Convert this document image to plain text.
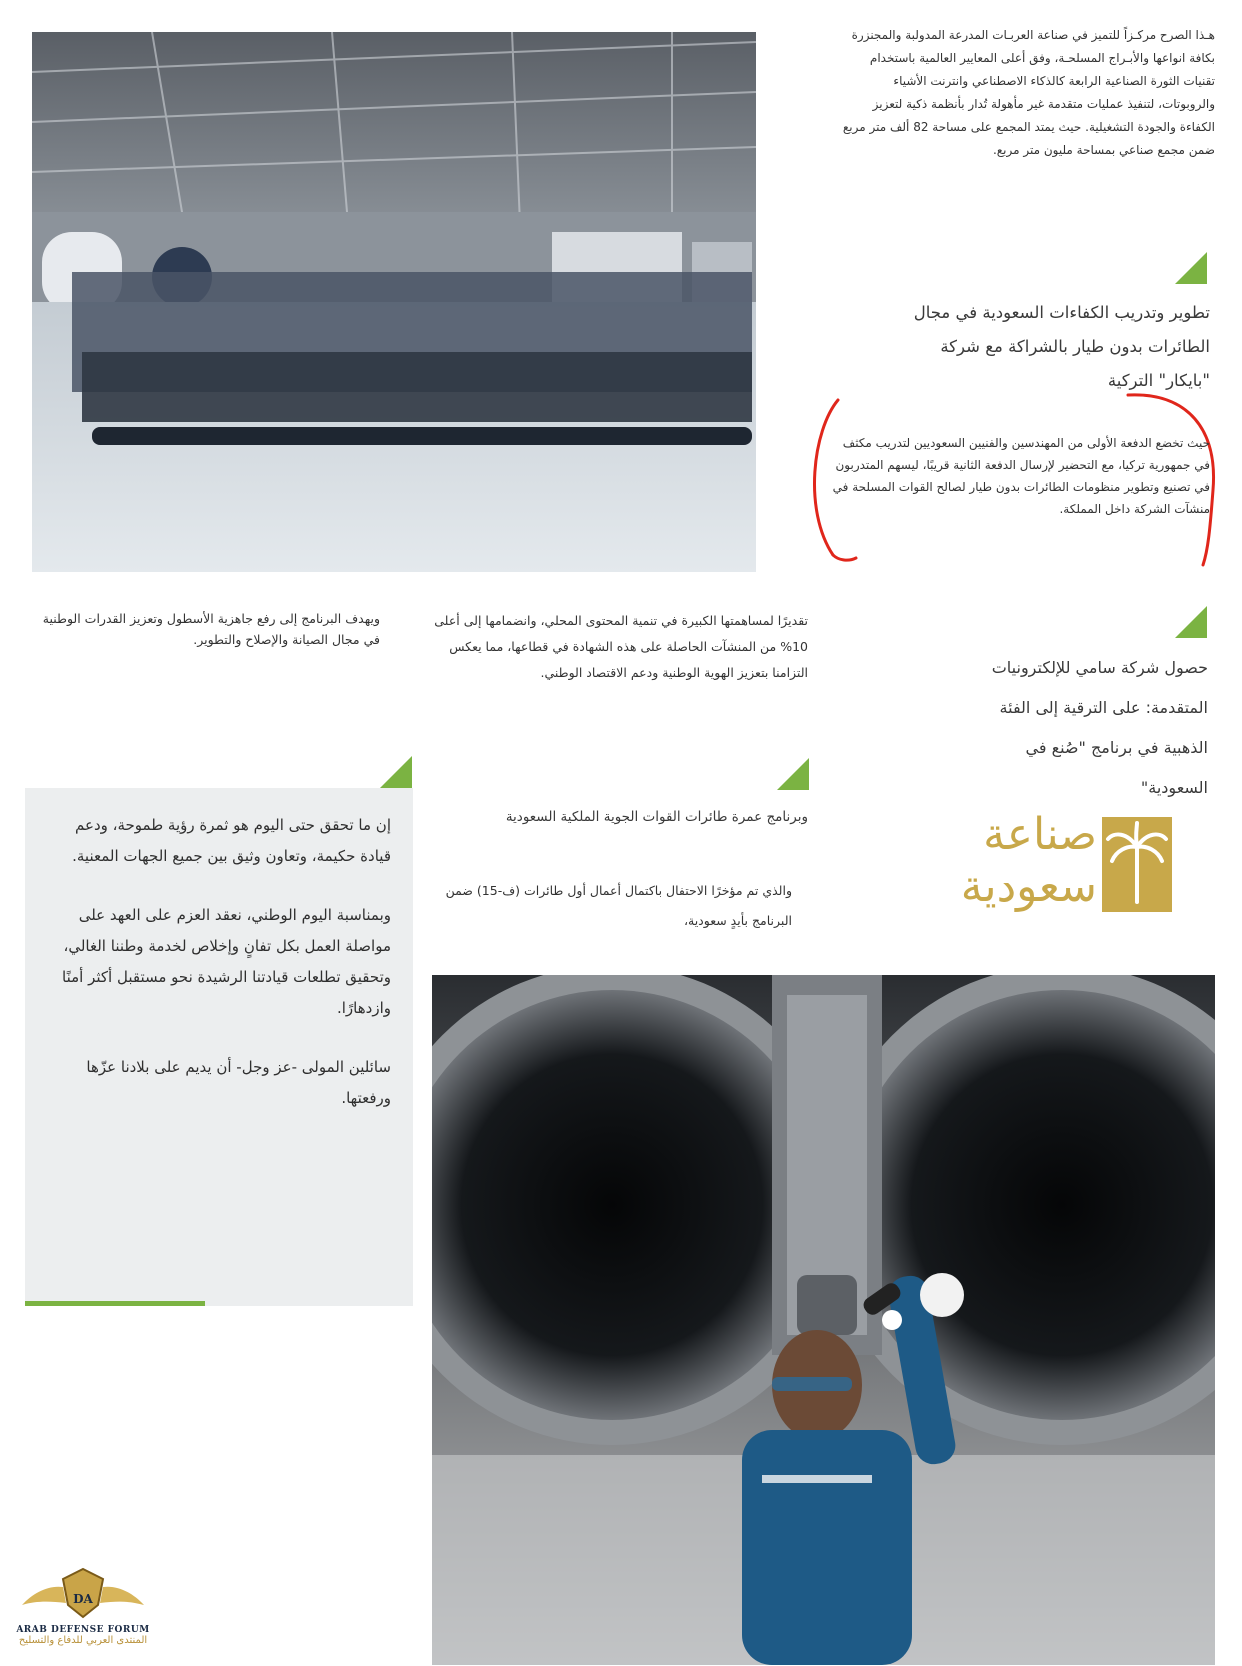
هـذا الصرح مركـزاً للتميز في صناعة العربـات المدرعة المدولبة والمجنزرة بكافة انواعها والأبـراج المسلحـة، وفق أعلى المعايير العالمية باستخدام تقنيات الثورة الصناعية الرابعة كالذكاء الاصطناعي وانترنت الأشياء والروبوتات، لتنفيذ عمليات متقدمة غير مأهولة تُدار بأنظمة ذكية لتعزيز الكفاءة والجودة التشغيلية. حيث يمتد المجمع على مساحة 82 ألف متر مربع ضمن مجمع صناعي بمساحة مليون متر مربع.
تطوير وتدريب الكفاءات السعودية في مجال الطائرات بدون طيار بالشراكة مع شركة "بايكار" التركية
حيث تخضع الدفعة الأولى من المهندسين والفنيين السعوديين لتدريب مكثف في جمهورية تركيا، مع التحضير لإرسال الدفعة الثانية قريبًا، ليسهم المتدربون في تصنيع وتطوير منظومات الطائرات بدون طيار لصالح القوات المسلحة في منشآت الشركة داخل المملكة.
ويهدف البرنامج إلى رفع جاهزية الأسطول وتعزيز القدرات الوطنية في مجال الصيانة والإصلاح والتطوير.
تقديرًا لمساهمتها الكبيرة في تنمية المحتوى المحلي، وانضمامها إلى أعلى 10% من المنشآت الحاصلة على هذه الشهادة في قطاعها، مما يعكس التزامنا بتعزيز الهوية الوطنية ودعم الاقتصاد الوطني.	حصول شركة سامي للإلكترونيات المتقدمة: على الترقية إلى الفئة الذهبية في برنامج "صُنع في السعودية"
وبرنامج عمرة طائرات القوات الجوية الملكية السعودية
والذي تم مؤخرًا الاحتفال باكتمال أعمال أول طائرات (ف-15) ضمن البرنامج بأيدٍ سعودية،
صناعة
سعودية

إن ما تحقق حتى اليوم هو ثمرة رؤية طموحة، ودعم قيادة حكيمة، وتعاون وثيق بين جميع الجهات المعنية.

وبمناسبة اليوم الوطني، نعقد العزم على العهد على مواصلة العمل بكل تفانٍ وإخلاص لخدمة وطننا الغالي، وتحقيق تطلعات قيادتنا الرشيدة نحو مستقبل أكثر أمنًا وازدهارًا.

سائلين المولى -عز وجل- أن يديم على بلادنا عزّها ورفعتها.

DA
ARAB DEFENSE FORUM
المنتدى العربي للدفاع والتسليح
